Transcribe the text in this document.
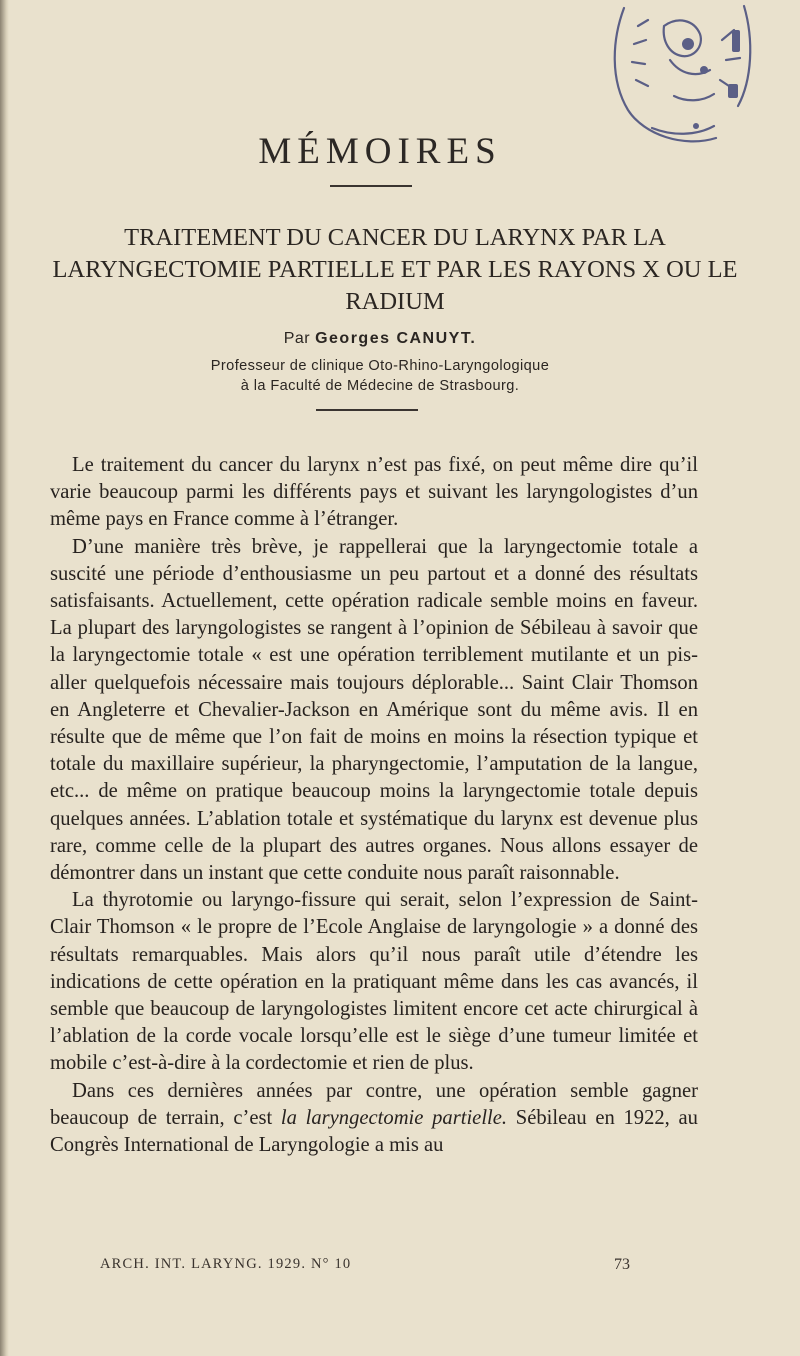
MÉMOIRES
TRAITEMENT DU CANCER DU LARYNX PAR LA LARYNGECTOMIE PARTIELLE ET PAR LES RAYONS X OU LE RADIUM
Par Georges CANUYT.
Professeur de clinique Oto-Rhino-Laryngologique
à la Faculté de Médecine de Strasbourg.

Le traitement du cancer du larynx n’est pas fixé, on peut même dire qu’il varie beaucoup parmi les différents pays et suivant les laryngologistes d’un même pays en France comme à l’étranger.

D’une manière très brève, je rappellerai que la laryngectomie totale a suscité une période d’enthousiasme un peu partout et a donné des résultats satisfaisants. Actuellement, cette opération radicale semble moins en faveur. La plupart des laryngologistes se rangent à l’opinion de Sébileau à savoir que la laryngectomie totale « est une opération terriblement mutilante et un pis-aller quelquefois nécessaire mais toujours déplorable... Saint Clair Thomson en Angleterre et Chevalier-Jackson en Amérique sont du même avis. Il en résulte que de même que l’on fait de moins en moins la résection typique et totale du maxillaire supérieur, la pharyngectomie, l’amputation de la langue, etc... de même on pratique beaucoup moins la laryngectomie totale depuis quelques années. L’ablation totale et systématique du larynx est devenue plus rare, comme celle de la plupart des autres organes. Nous allons essayer de démontrer dans un instant que cette conduite nous paraît raisonnable.

La thyrotomie ou laryngo-fissure qui serait, selon l’expression de Saint-Clair Thomson « le propre de l’Ecole Anglaise de laryngologie » a donné des résultats remarquables. Mais alors qu’il nous paraît utile d’étendre les indications de cette opération en la pratiquant même dans les cas avancés, il semble que beaucoup de laryngologistes limitent encore cet acte chirurgical à l’ablation de la corde vocale lorsqu’elle est le siège d’une tumeur limitée et mobile c’est-à-dire à la cordectomie et rien de plus.

Dans ces dernières années par contre, une opération semble gagner beaucoup de terrain, c’est la laryngectomie partielle. Sébileau en 1922, au Congrès International de Laryngologie a mis au

ARCH. INT. LARYNG. 1929. N° 10	73
